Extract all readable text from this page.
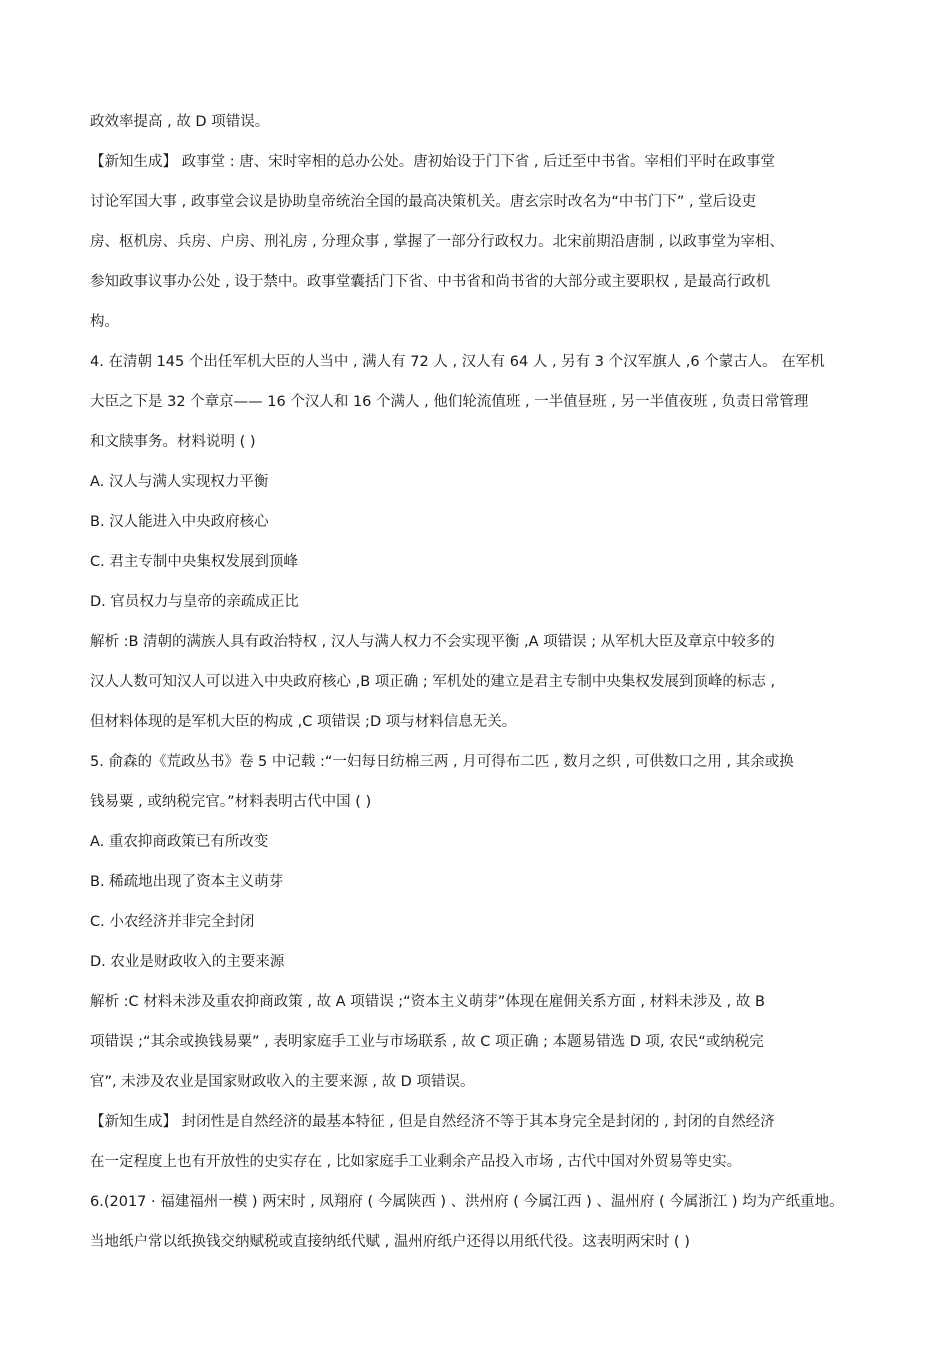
政效率提高 , 故 D 项错误。
【新知生成】 政事堂 : 唐、宋时宰相的总办公处。唐初始设于门下省 , 后迁至中书省。宰相们平时在政事堂
讨论军国大事 , 政事堂会议是协助皇帝统治全国的最高决策机关。唐玄宗时改名为“中书门下” , 堂后设吏
房、枢机房、兵房、户房、刑礼房 , 分理众事 , 掌握了一部分行政权力。北宋前期沿唐制 , 以政事堂为宰相、
参知政事议事办公处 , 设于禁中。政事堂囊括门下省、中书省和尚书省的大部分或主要职权 , 是最高行政机
构。
4. 在清朝 145 个出任军机大臣的人当中 , 满人有 72 人 , 汉人有 64 人 , 另有 3 个汉军旗人 ,6 个蒙古人。 在军机
大臣之下是 32 个章京—— 16 个汉人和 16 个满人 , 他们轮流值班 , 一半值昼班 , 另一半值夜班 , 负责日常管理
和文牍事务。材料说明 ( )
A. 汉人与满人实现权力平衡
B. 汉人能进入中央政府核心
C. 君主专制中央集权发展到顶峰
D. 官员权力与皇帝的亲疏成正比
解析 :B 清朝的满族人具有政治特权 , 汉人与满人权力不会实现平衡 ,A 项错误 ; 从军机大臣及章京中较多的
汉人人数可知汉人可以进入中央政府核心 ,B 项正确 ; 军机处的建立是君主专制中央集权发展到顶峰的标志 ,
但材料体现的是军机大臣的构成 ,C 项错误 ;D 项与材料信息无关。
5. 俞森的《荒政丛书》卷 5 中记载 :“一妇每日纺棉三两 , 月可得布二匹 , 数月之织 , 可供数口之用 , 其余或换
钱易粟 , 或纳税完官。”材料表明古代中国 ( )
A. 重农抑商政策已有所改变
B. 稀疏地出现了资本主义萌芽
C. 小农经济并非完全封闭
D. 农业是财政收入的主要来源
解析 :C 材料未涉及重农抑商政策 , 故 A 项错误 ;“资本主义萌芽”体现在雇佣关系方面 , 材料未涉及 , 故 B
项错误 ;“其余或换钱易粟” , 表明家庭手工业与市场联系 , 故 C 项正确 ; 本题易错选 D 项, 农民“或纳税完
官”, 未涉及农业是国家财政收入的主要来源 , 故 D 项错误。
【新知生成】 封闭性是自然经济的最基本特征 , 但是自然经济不等于其本身完全是封闭的 , 封闭的自然经济
在一定程度上也有开放性的史实存在 , 比如家庭手工业剩余产品投入市场 , 古代中国对外贸易等史实。
6.(2017 · 福建福州一模 ) 两宋时 , 凤翔府 ( 今属陕西 ) 、洪州府 ( 今属江西 ) 、温州府 ( 今属浙江 ) 均为产纸重地。
当地纸户常以纸换钱交纳赋税或直接纳纸代赋 , 温州府纸户还得以用纸代役。这表明两宋时 ( )
